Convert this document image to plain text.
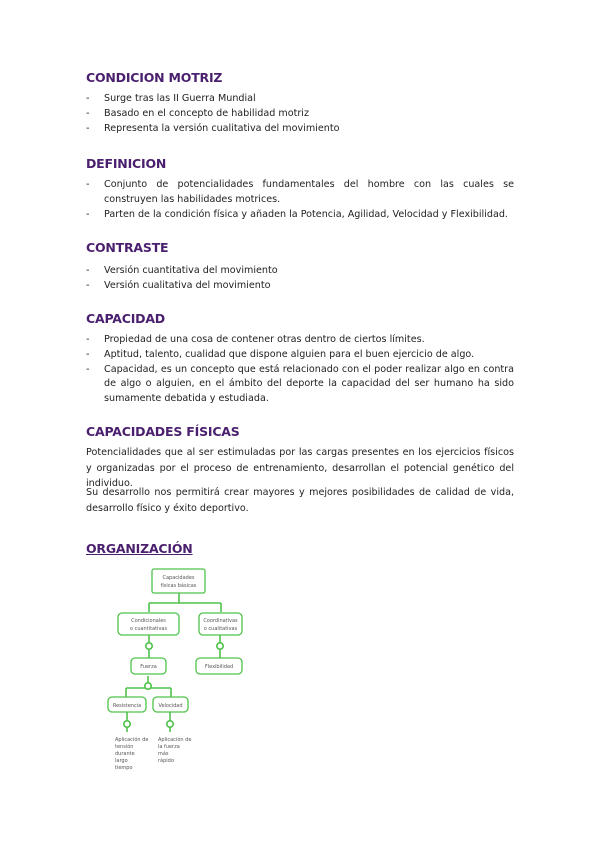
CONDICION MOTRIZ
- Surge tras las II Guerra Mundial
- Basado en el concepto de habilidad motriz
- Representa la versión cualitativa del movimiento
DEFINICION
- Conjunto de potencialidades fundamentales del hombre con las cuales se construyen las habilidades motrices.
- Parten de la condición física y añaden la Potencia, Agilidad, Velocidad y Flexibilidad.
CONTRASTE
- Versión cuantitativa del movimiento
- Versión cualitativa del movimiento
CAPACIDAD
- Propiedad de una cosa de contener otras dentro de ciertos límites.
- Aptitud, talento, cualidad que dispone alguien para el buen ejercicio de algo.
- Capacidad, es un concepto que está relacionado con el poder realizar algo en contra de algo o alguien, en el ámbito del deporte la capacidad del ser humano ha sido sumamente debatida y estudiada.
CAPACIDADES FÍSICAS

Potencialidades que al ser estimuladas por las cargas presentes en los ejercicios físicos y organizadas por el proceso de entrenamiento, desarrollan el potencial genético del individuo.

Su desarrollo nos permitirá crear mayores y mejores posibilidades de calidad de vida, desarrollo físico y éxito deportivo.

ORGANIZACIÓN
Capacidades
físicas básicas
Condicionales
o cuantitativas
Coordinativas
o cualitativas
Fuerza	Flexibilidad
Resistencia	Velocidad
Aplicación de
tensión
durante
largo
tiempo
Aplicación de
la fuerza
más
rápido
